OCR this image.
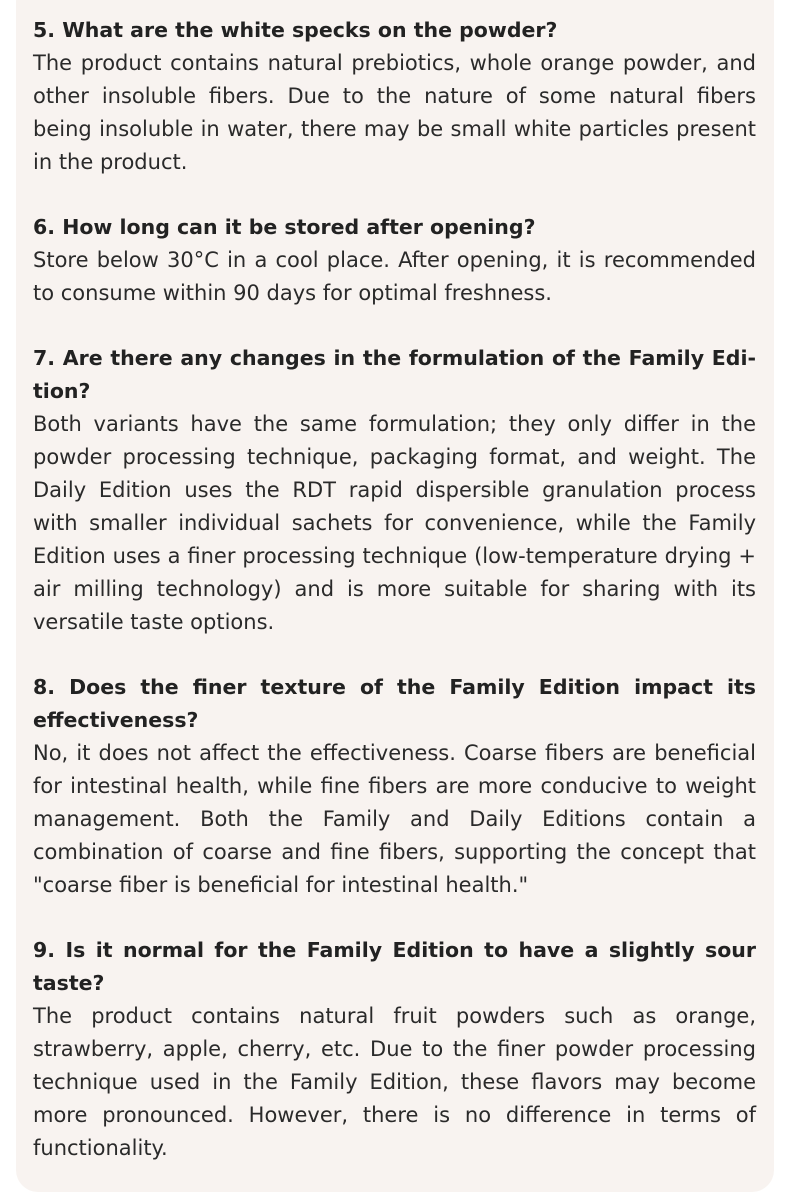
5. What are the white specks on the powder?

The product contains natural prebiotics, whole orange powder, and other insoluble fibers. Due to the nature of some natural fibers being insoluble in water, there may be small white particles present in the product.

6. How long can it be stored after opening?

Store below 30°C in a cool place. After opening, it is recommended to consume within 90 days for optimal freshness.

7. Are there any changes in the formulation of the Family Edition?

Both variants have the same formulation; they only differ in the powder processing technique, packaging format, and weight. The Daily Edition uses the RDT rapid dispersible granulation process with smaller individual sachets for convenience, while the Family Edition uses a finer processing technique (low-temperature drying + air milling technology) and is more suitable for sharing with its versatile taste options.

8. Does the finer texture of the Family Edition impact its effectiveness?

No, it does not affect the effectiveness. Coarse fibers are beneficial for intestinal health, while fine fibers are more conducive to weight management. Both the Family and Daily Editions contain a combination of coarse and fine fibers, supporting the concept that "coarse fiber is beneficial for intestinal health."

9. Is it normal for the Family Edition to have a slightly sour taste?

The product contains natural fruit powders such as orange, strawberry, apple, cherry, etc. Due to the finer powder processing technique used in the Family Edition, these flavors may become more pronounced. However, there is no difference in terms of functionality.
